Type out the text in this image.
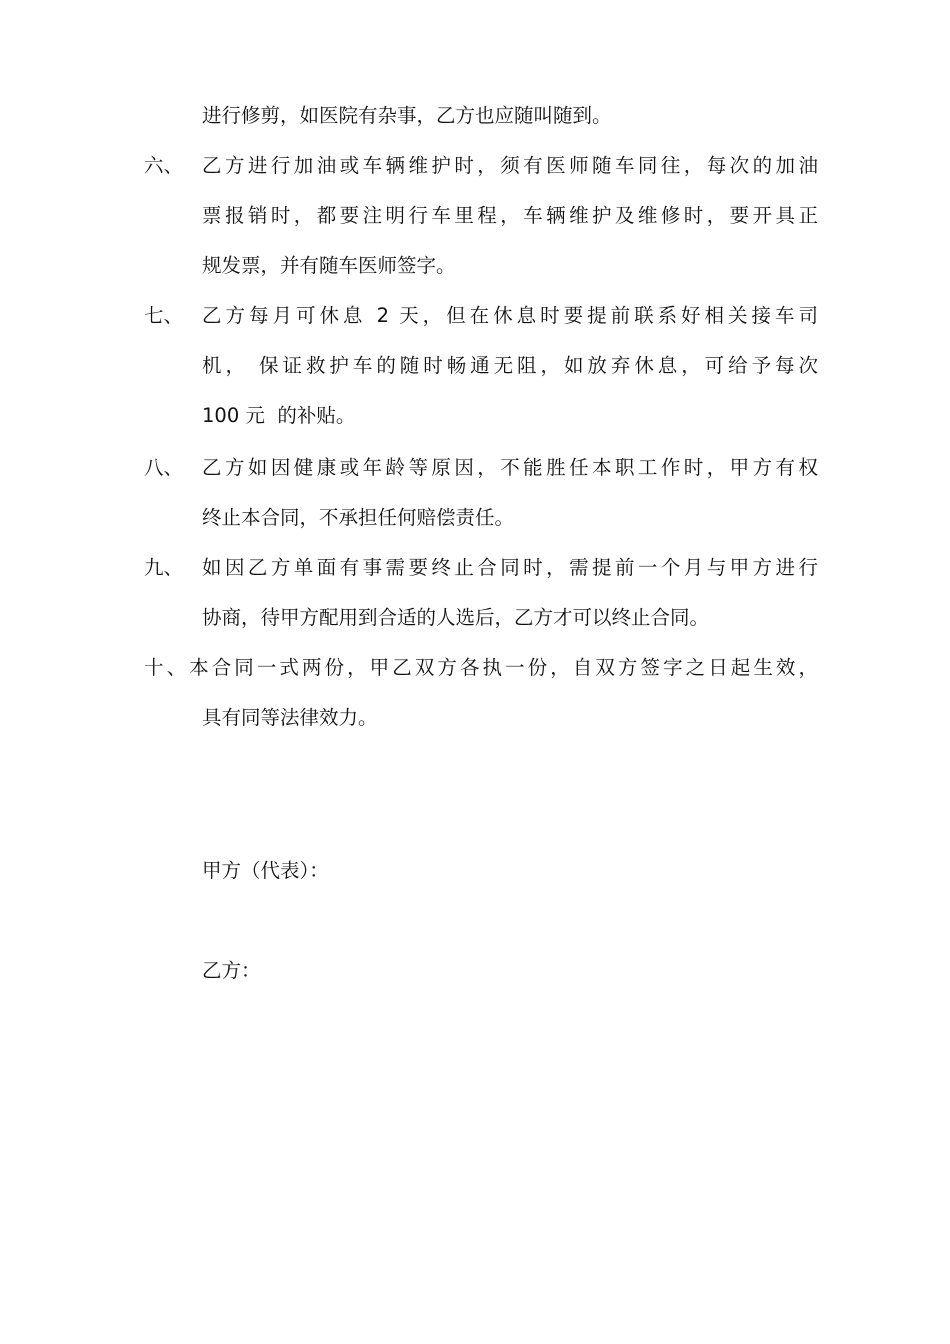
进行修剪，如医院有杂事，乙方也应随叫随到。
六、 乙方进行加油或车辆维护时，须有医师随车同往，每次的加油
票报销时，都要注明行车里程，车辆维护及维修时，要开具正
规发票，并有随车医师签字。
七、 乙方每月可休息 2 天，但在休息时要提前联系好相关接车司
机， 保证救护车的随时畅通无阻，如放弃休息，可给予每次
100 元  的补贴。
八、 乙方如因健康或年龄等原因，不能胜任本职工作时，甲方有权
终止本合同，不承担任何赔偿责任。
九、 如因乙方单面有事需要终止合同时，需提前一个月与甲方进行
协商，待甲方配用到合适的人选后，乙方才可以终止合同。
十、本合同一式两份，甲乙双方各执一份，自双方签字之日起生效，
具有同等法律效力。
甲方（代表）：
乙方：
